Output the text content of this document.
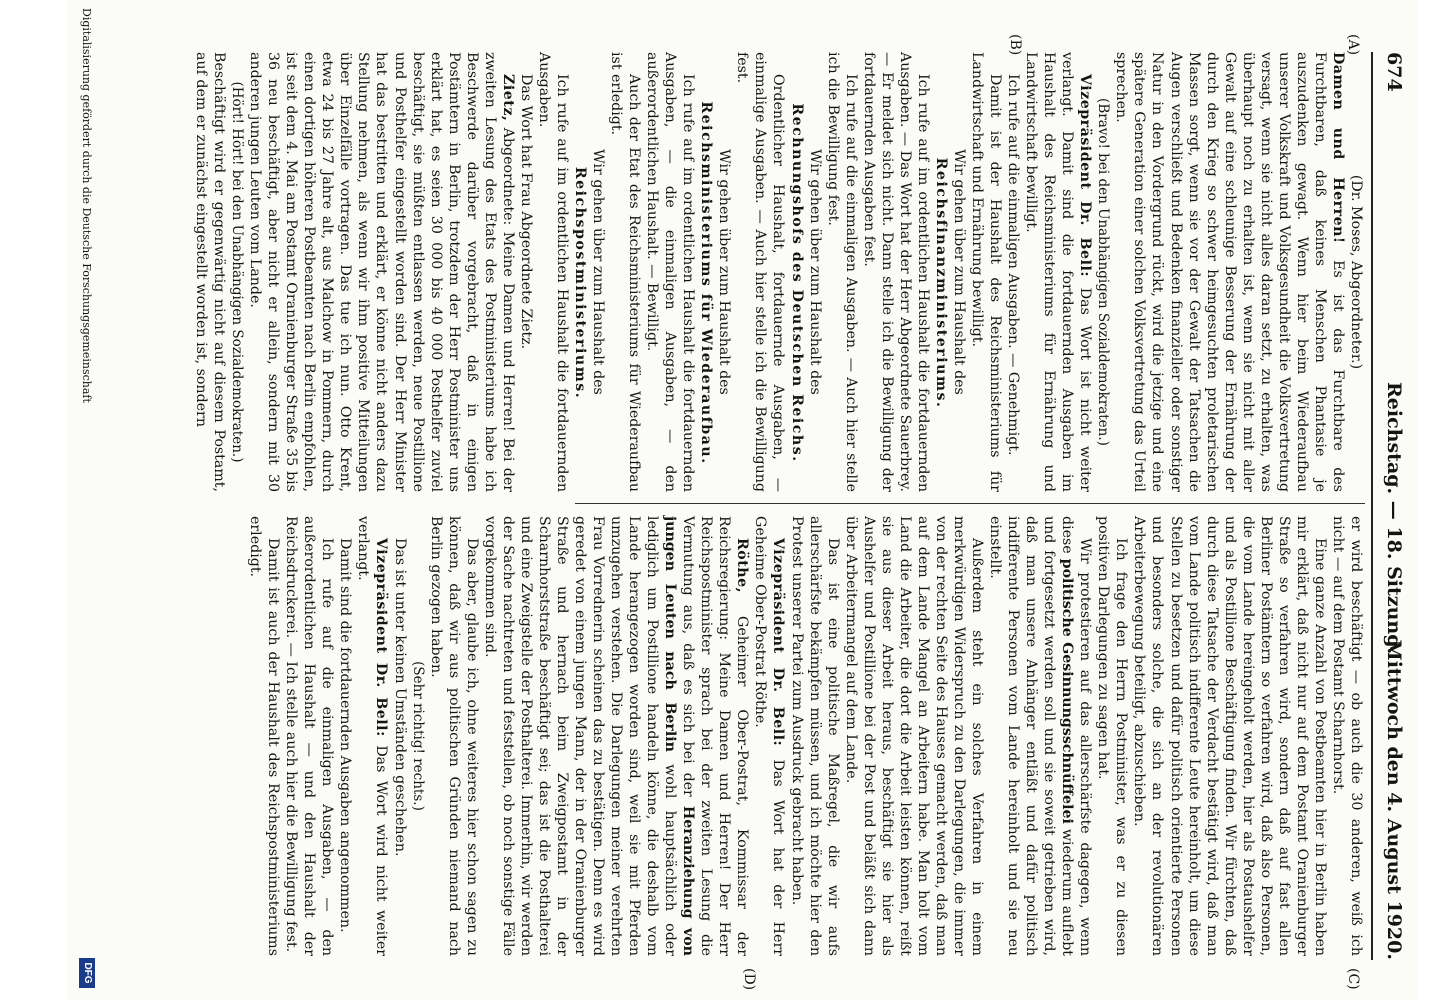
674
Reichstag. — 18. Sitzung.
Mittwoch den 4. August 1920.
(A)
(B)
(C)
(D)

(Dr. Moses, Abgeordneter.)

Damen und Herren! Es ist das Furchtbare des Furchtbaren, daß keines Menschen Phantasie je auszudenken gewagt. Wenn hier beim Wiederaufbau unserer Volkskraft und Volksgesundheit die Volksvertretung versagt, wenn sie nicht alles daran setzt, zu erhalten, was überhaupt noch zu erhalten ist, wenn sie nicht mit aller Gewalt auf eine schleunige Besserung der Ernährung der durch den Krieg so schwer heimgesuchten proletarischen Massen sorgt, wenn sie vor der Gewalt der Tatsachen die Augen verschließt und Bedenken finanzieller oder sonstiger Natur in den Vordergrund rückt, wird die jetzige und eine spätere Generation einer solchen Volksvertretung das Urteil sprechen.

(Bravo! bei den Unabhängigen Sozialdemokraten.)

Vizepräsident Dr. Bell: Das Wort ist nicht weiter verlangt. Damit sind die fortdauernden Ausgaben im Haushalt des Reichsministeriums für Ernährung und Landwirtschaft bewilligt.

Ich rufe auf die einmaligen Ausgaben. — Genehmigt.

Damit ist der Haushalt des Reichsministeriums für Landwirtschaft und Ernährung bewilligt.

Wir gehen über zum Haushalt des

Reichsfinanzministeriums.

Ich rufe auf im ordentlichen Haushalt die fortdauernden Ausgaben. — Das Wort hat der Herr Abgeordnete Sauerbrey. — Er meldet sich nicht. Dann stelle ich die Bewilligung der fortdauernden Ausgaben fest.

Ich rufe auf die einmaligen Ausgaben. — Auch hier stelle ich die Bewilligung fest.

Wir gehen über zum Haushalt des

Rechnungshofs des Deutschen Reichs.

Ordentlicher Haushalt, fortdauernde Ausgaben, — einmalige Ausgaben. — Auch hier stelle ich die Bewilligung fest.

Wir gehen über zum Haushalt des

Reichsministeriums für Wiederaufbau.

Ich rufe auf im ordentlichen Haushalt die fortdauernden Ausgaben, — die einmaligen Ausgaben, — den außerordentlichen Haushalt. — Bewilligt.

Auch der Etat des Reichsministeriums für Wiederaufbau ist erledigt.

Wir gehen über zum Haushalt des

Reichspostministeriums.

Ich rufe auf im ordentlichen Haushalt die fortdauernden Ausgaben.

Das Wort hat Frau Abgeordnete Zietz.

Zietz, Abgeordnete: Meine Damen und Herren! Bei der zweiten Lesung des Etats des Postministeriums habe ich Beschwerde darüber vorgebracht, daß in einigen Postämtern in Berlin, trotzdem der Herr Postminister uns erklärt hat, es seien 30 000 bis 40 000 Posthelfer zuviel beschäftigt, sie müßten entlassen werden, neue Postillione und Posthelfer eingestellt worden sind. Der Herr Minister hat das bestritten und erklärt, er könne nicht anders dazu Stellung nehmen, als wenn wir ihm positive Mitteilungen über Einzelfälle vortragen. Das tue ich nun. Otto Krent, etwa 24 bis 27 Jahre alt, aus Malchow in Pommern, durch einen dortigen höheren Postbeamten nach Berlin empfohlen, ist seit dem 4. Mai am Postamt Oranienburger Straße 35 bis 36 neu beschäftigt, aber nicht er allein, sondern mit 30 anderen jungen Leuten vom Lande.

(Hört! Hört! bei den Unabhängigen Sozialdemokraten.)

Beschäftigt wird er gegenwärtig nicht auf diesem Postamt, auf dem er zunächst eingestellt worden ist, sondern

er wird beschäftigt — ob auch die 30 anderen, weiß ich nicht — auf dem Postamt Scharnhorst.

Eine ganze Anzahl von Postbeamten hier in Berlin haben mir erklärt, daß nicht nur auf dem Postamt Oranienburger Straße so verfahren wird, sondern daß auf fast allen Berliner Postämtern so verfahren wird, daß also Personen, die vom Lande hereingeholt werden, hier als Postaushelfer und als Postillione Beschäftigung finden. Wir fürchten, daß durch diese Tatsache der Verdacht bestätigt wird, daß man vom Lande politisch indifferente Leute hereinholt, um diese Stellen zu besetzen und dafür politisch orientierte Personen und besonders solche, die sich an der revolutionären Arbeiterbewegung beteiligt, abzuschieben.

Ich frage den Herrn Postminister, was er zu diesen positiven Darlegungen zu sagen hat.

Wir protestieren auf das allerschärfste dagegen, wenn diese politische Gesinnungsschnüffelei wiederum auflebt und fortgesetzt werden soll und sie soweit getrieben wird, daß man unsere Anhänger entläßt und dafür politisch indifferente Personen vom Lande hereinholt und sie neu einstellt.

Außerdem steht ein solches Verfahren in einem merkwürdigen Widerspruch zu den Darlegungen, die immer von der rechten Seite des Hauses gemacht werden, daß man auf dem Lande Mangel an Arbeitern habe. Man holt vom Land die Arbeiter, die dort die Arbeit leisten können, reißt sie aus dieser Arbeit heraus, beschäftigt sie hier als Aushelfer und Postillione bei der Post und beläßt sich dann über Arbeitermangel auf dem Lande.

Das ist eine politische Maßregel, die wir aufs allerschärfste bekämpfen müssen, und ich möchte hier den Protest unserer Partei zum Ausdruck gebracht haben.

Vizepräsident Dr. Bell: Das Wort hat der Herr Geheime Ober-Postrat Röthe.

Röthe, Geheimer Ober-Postrat, Kommissar der Reichsregierung: Meine Damen und Herren! Der Herr Reichspostminister sprach bei der zweiten Lesung die Vermutung aus, daß es sich bei der Heranziehung von jungen Leuten nach Berlin wohl hauptsächlich oder lediglich um Postillione handeln könne, die deshalb vom Lande herangezogen worden sind, weil sie mit Pferden umzugehen verstehen. Die Darlegungen meiner verehrten Frau Vorrednerin scheinen das zu bestätigen. Denn es wird geredet von einem jungen Mann, der in der Oranienburger Straße und hernach beim Zweigpostamt in der Scharnhorststraße beschäftigt sei; das ist die Posthalterei und eine Zweigstelle der Posthalterei. Immerhin, wir werden der Sache nachtreten und feststellen, ob noch sonstige Fälle vorgekommen sind.

Das aber, glaube ich, ohne weiteres hier schon sagen zu können, daß wir aus politischen Gründen niemand nach Berlin gezogen haben.

(Sehr richtig! rechts.)

Das ist unter keinen Umständen geschehen.

Vizepräsident Dr. Bell: Das Wort wird nicht weiter verlangt.

Damit sind die fortdauernden Ausgaben angenommen.

Ich rufe auf die einmaligen Ausgaben, — den außerordentlichen Haushalt — und den Haushalt der Reichsdruckerei. — Ich stelle auch hier die Bewilligung fest.

Damit ist auch der Haushalt des Reichspostministeriums erledigt.

Digitalisierung gefördert durch die Deutsche Forschungsgemeinschaft
DFG
